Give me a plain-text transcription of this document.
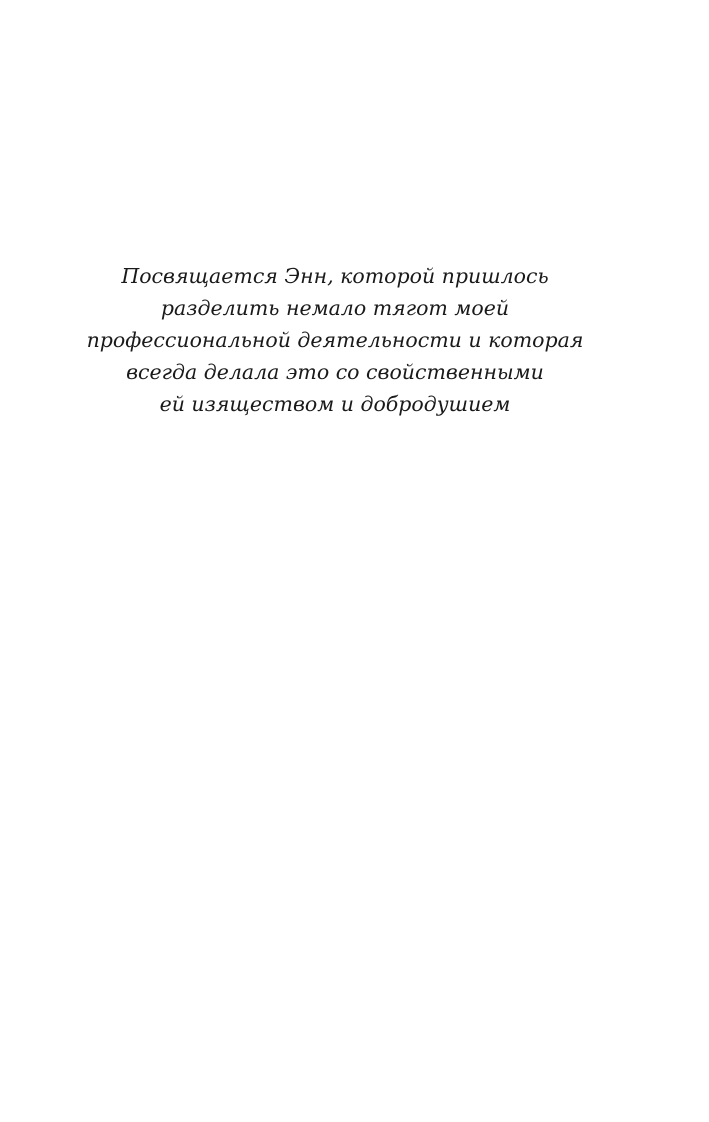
Посвящается Энн, которой пришлось
разделить немало тягот моей
профессиональной деятельности и которая
всегда делала это со свойственными
ей изяществом и добродушием
